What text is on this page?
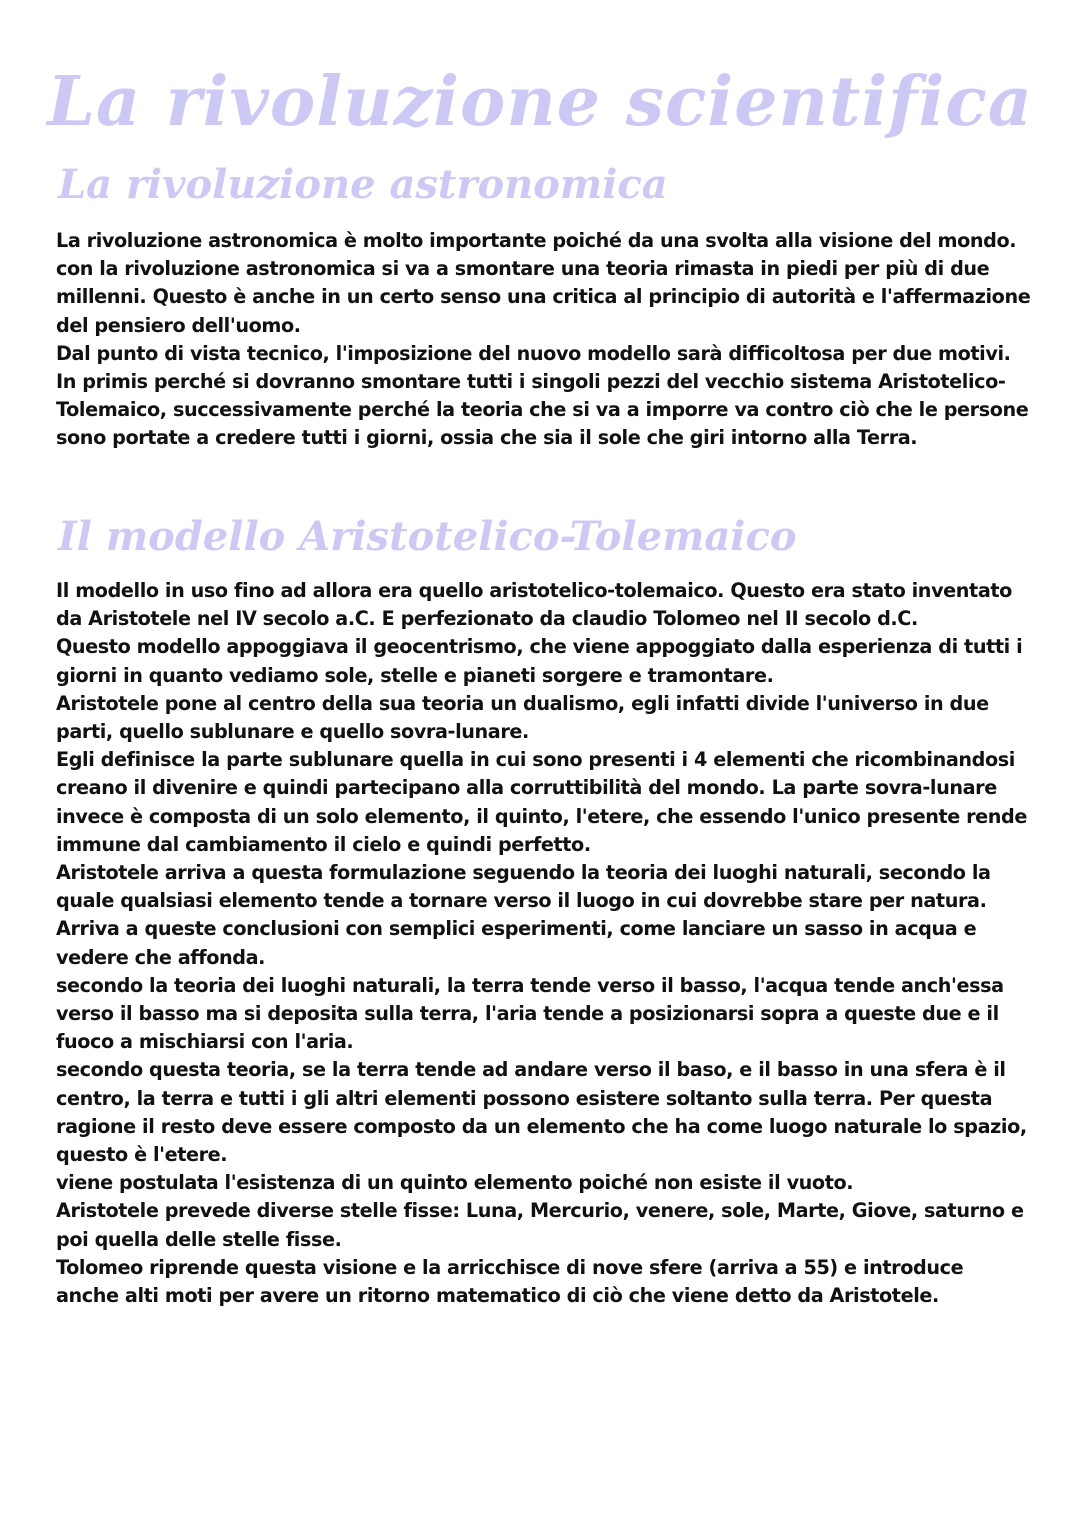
La rivoluzione scientifica
La rivoluzione astronomica

La rivoluzione astronomica è molto importante poiché da una svolta alla visione del mondo.

con la rivoluzione astronomica si va a smontare una teoria rimasta in piedi per più di due millenni. Questo è anche in un certo senso una critica al principio di autorità e l'affermazione del pensiero dell'uomo.

Dal punto di vista tecnico, l'imposizione del nuovo modello sarà difficoltosa per due motivi. In primis perché si dovranno smontare tutti i singoli pezzi del vecchio sistema Aristotelico-Tolemaico, successivamente perché la teoria che si va a imporre va contro ciò che le persone sono portate a credere tutti i giorni, ossia che sia il sole che giri intorno alla Terra.

Il modello Aristotelico-Tolemaico

Il modello in uso fino ad allora era quello aristotelico-tolemaico. Questo era stato inventato da Aristotele nel IV secolo a.C. E perfezionato da claudio Tolomeo nel II secolo d.C.

Questo modello appoggiava il geocentrismo, che viene appoggiato dalla esperienza di tutti i giorni in quanto vediamo sole, stelle e pianeti sorgere e tramontare.

Aristotele pone al centro della sua teoria un dualismo, egli infatti divide l'universo in due parti, quello sublunare e quello sovra-lunare.

Egli definisce la parte sublunare quella in cui sono presenti i 4 elementi che ricombinandosi creano il divenire e quindi partecipano alla corruttibilità del mondo. La parte sovra-lunare invece è composta di un solo elemento, il quinto, l'etere, che essendo l'unico presente rende immune dal cambiamento il cielo e quindi perfetto.

Aristotele arriva a questa formulazione seguendo la teoria dei luoghi naturali, secondo la quale qualsiasi elemento tende a tornare verso il luogo in cui dovrebbe stare per natura. Arriva a queste conclusioni con semplici esperimenti, come lanciare un sasso in acqua e vedere che affonda.

secondo la teoria dei luoghi naturali, la terra tende verso il basso, l'acqua tende anch'essa verso il basso ma si deposita sulla terra, l'aria tende a posizionarsi sopra a queste due e il fuoco a mischiarsi con l'aria.

secondo questa teoria, se la terra tende ad andare verso il baso, e il basso in una sfera è il centro, la terra e tutti i gli altri elementi possono esistere soltanto sulla terra. Per questa ragione il resto deve essere composto da un elemento che ha come luogo naturale lo spazio, questo è l'etere.

viene postulata l'esistenza di un quinto elemento poiché non esiste il vuoto.

Aristotele prevede diverse stelle fisse: Luna, Mercurio, venere, sole, Marte, Giove, saturno e poi quella delle stelle fisse.

Tolomeo riprende questa visione e la arricchisce di nove sfere (arriva a 55) e introduce anche alti moti per avere un ritorno matematico di ciò che viene detto da Aristotele.
